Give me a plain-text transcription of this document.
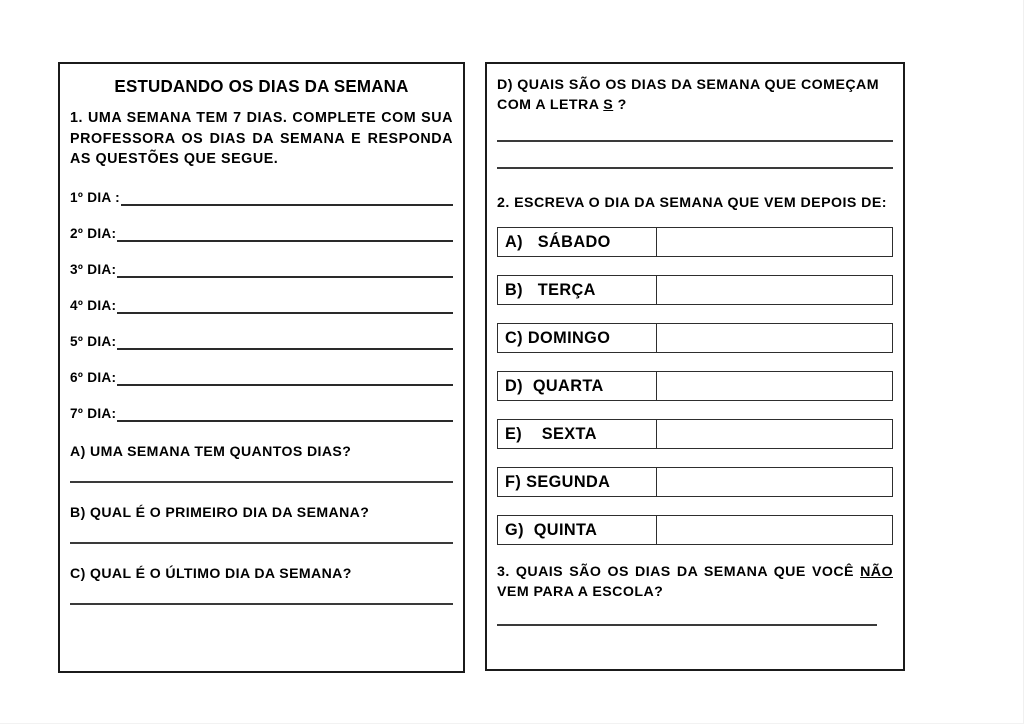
ESTUDANDO OS DIAS DA SEMANA

1. UMA SEMANA TEM 7 DIAS. COMPLETE COM SUA PROFESSORA OS DIAS DA SEMANA E RESPONDA AS QUESTÕES QUE SEGUE.

1º DIA :
2º DIA:
3º DIA:
4º DIA:
5º DIA:
6º DIA:
7º DIA:
A) UMA SEMANA TEM QUANTOS DIAS?
B) QUAL É O PRIMEIRO DIA DA SEMANA?
C) QUAL É O ÚLTIMO DIA DA SEMANA?

D) QUAIS SÃO OS DIAS DA SEMANA QUE COMEÇAM COM A LETRA S ?

2. ESCREVA O DIA DA SEMANA QUE VEM DEPOIS DE:

A)   SÁBADO
B)   TERÇA
C) DOMINGO
D)  QUARTA
E)    SEXTA
F) SEGUNDA
G)  QUINTA

3. QUAIS SÃO OS DIAS DA SEMANA QUE VOCÊ NÃO VEM PARA A ESCOLA?
